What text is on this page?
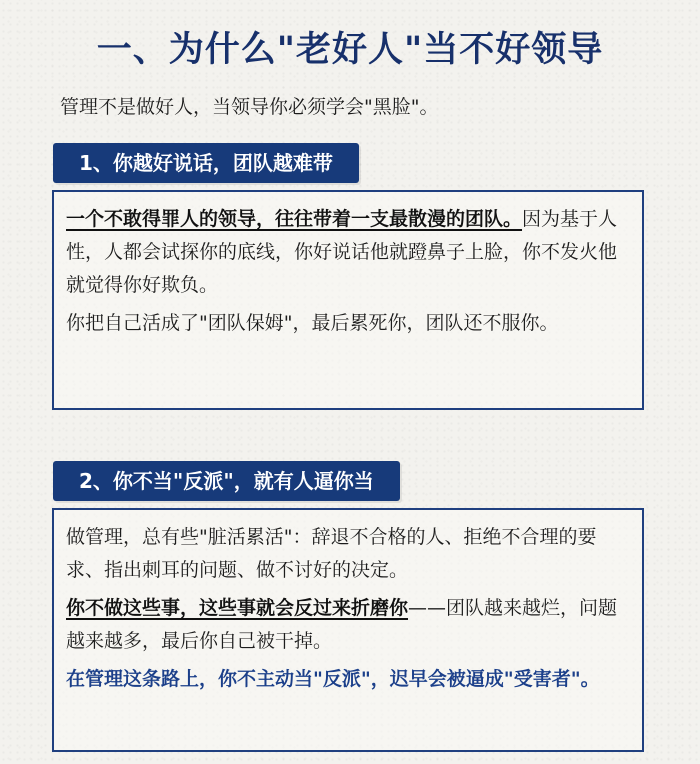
一、为什么"老好人"当不好领导
管理不是做好人，当领导你必须学会"黑脸"。
1、你越好说话，团队越难带
一个不敢得罪人的领导，往往带着一支最散漫的团队。因为基于人性，人都会试探你的底线，你好说话他就蹬鼻子上脸，你不发火他就觉得你好欺负。
你把自己活成了"团队保姆"，最后累死你，团队还不服你。
2、你不当"反派"，就有人逼你当
做管理，总有些"脏活累活"：辞退不合格的人、拒绝不合理的要求、指出刺耳的问题、做不讨好的决定。
你不做这些事，这些事就会反过来折磨你——团队越来越烂，问题越来越多，最后你自己被干掉。
在管理这条路上，你不主动当"反派"，迟早会被逼成"受害者"。
